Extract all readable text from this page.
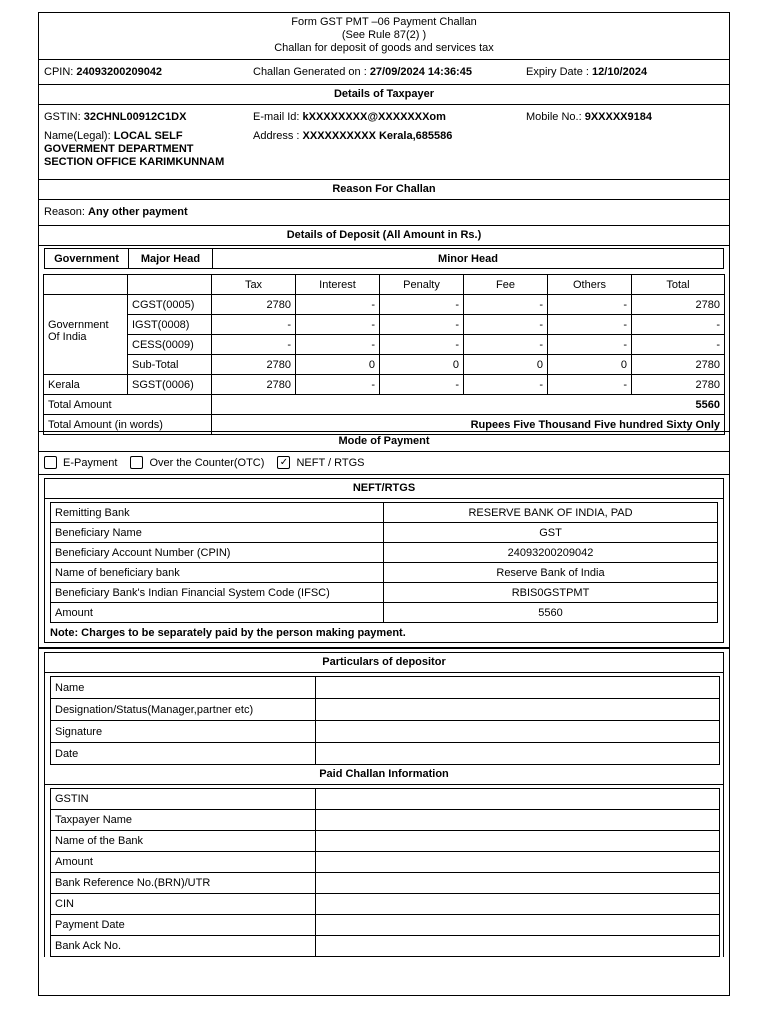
Form GST PMT –06 Payment Challan
(See Rule 87(2) )
Challan for deposit of goods and services tax
CPIN: 24093200209042	Challan Generated on : 27/09/2024 14:36:45	Expiry Date : 12/10/2024
Details of Taxpayer
GSTIN: 32CHNL00912C1DX	E-mail Id: kXXXXXXXX@XXXXXXXom	Mobile No.: 9XXXXX9184
Name(Legal): LOCAL SELF
GOVERMENT DEPARTMENT
SECTION OFFICE KARIMKUNNAM
Address : XXXXXXXXXX Kerala,685586
Reason For Challan
Reason: Any other payment
Details of Deposit (All Amount in Rs.)
Government	Major Head	Minor Head
		Tax	Interest	Penalty	Fee	Others	Total
Government Of India	CGST(0005)	2780	-	-	-	-	2780
	IGST(0008)	-	-	-	-	-	-
	CESS(0009)	-	-	-	-	-	-
	Sub-Total	2780	0	0	0	0	2780
Kerala	SGST(0006)	2780	-	-	-	-	2780
Total Amount		5560					
Total Amount (in words)		Rupees Five Thousand Five hundred Sixty Only					
Mode of Payment
E-Payment	Over the Counter(OTC) ✓ NEFT / RTGS
NEFT/RTGS
Remitting Bank	RESERVE BANK OF INDIA, PAD
Beneficiary Name	GST
Beneficiary Account Number (CPIN)	24093200209042
Name of beneficiary bank	Reserve Bank of India
Beneficiary Bank's Indian Financial System Code (IFSC)	RBIS0GSTPMT
Amount	5560
Note: Charges to be separately paid by the person making payment.
Particulars of depositor
Name	
Designation/Status(Manager,partner etc)	
Signature	
Date	
Paid Challan Information
GSTIN	
Taxpayer Name	
Name of the Bank	
Amount	
Bank Reference No.(BRN)/UTR	
CIN	
Payment Date	
Bank Ack No.	
